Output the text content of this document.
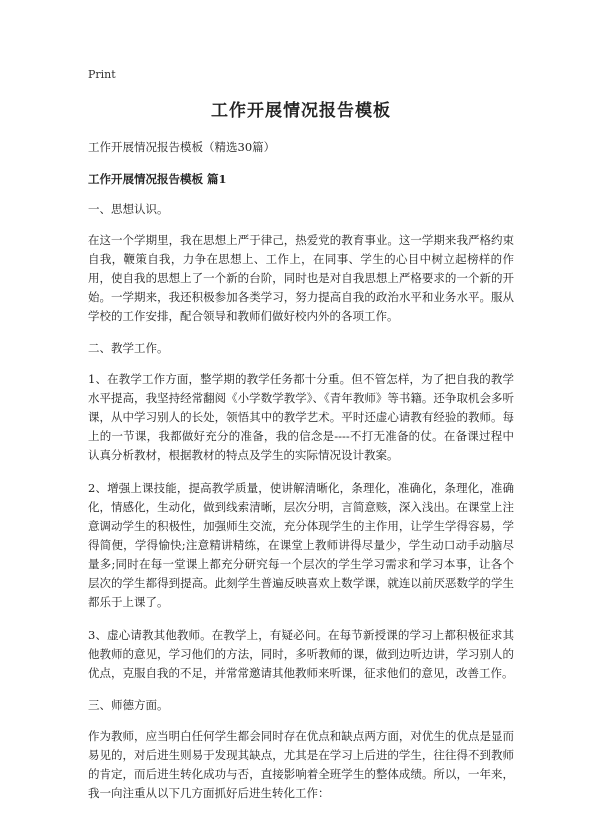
Print
工作开展情况报告模板
工作开展情况报告模板（精选30篇）
工作开展情况报告模板 篇1
一、思想认识。
在这一个学期里，我在思想上严于律己，热爱党的教育事业。这一学期来我严格约束自我，鞭策自我，力争在思想上、工作上，在同事、学生的心目中树立起榜样的作用，使自我的思想上了一个新的台阶，同时也是对自我思想上严格要求的一个新的开始。一学期来，我还积极参加各类学习，努力提高自我的政治水平和业务水平。服从学校的工作安排，配合领导和教师们做好校内外的各项工作。
二、教学工作。
1、在教学工作方面，整学期的教学任务都十分重。但不管怎样，为了把自我的教学水平提高，我坚持经常翻阅《小学数学教学》、《青年教师》等书籍。还争取机会多听课，从中学习别人的长处，领悟其中的教学艺术。平时还虚心请教有经验的教师。每上的一节课，我都做好充分的准备，我的信念是----不打无准备的仗。在备课过程中认真分析教材，根据教材的特点及学生的实际情况设计教案。
2、增强上课技能，提高教学质量，使讲解清晰化，条理化，准确化，条理化，准确化，情感化，生动化，做到线索清晰，层次分明，言简意赅，深入浅出。在课堂上注意调动学生的积极性，加强师生交流，充分体现学生的主作用，让学生学得容易，学得简便，学得愉快;注意精讲精练，在课堂上教师讲得尽量少，学生动口动手动脑尽量多;同时在每一堂课上都充分研究每一个层次的学生学习需求和学习本事，让各个层次的学生都得到提高。此刻学生普遍反映喜欢上数学课，就连以前厌恶数学的学生都乐于上课了。
3、虚心请教其他教师。在教学上，有疑必问。在每节新授课的学习上都积极征求其他教师的意见，学习他们的方法，同时，多听教师的课，做到边听边讲，学习别人的优点，克服自我的不足，并常常邀请其他教师来听课，征求他们的意见，改善工作。
三、师德方面。
作为教师，应当明白任何学生都会同时存在优点和缺点两方面，对优生的优点是显而易见的，对后进生则易于发现其缺点，尤其是在学习上后进的学生，往往得不到教师的肯定，而后进生转化成功与否，直接影响着全班学生的整体成绩。所以，一年来，我一向注重从以下几方面抓好后进生转化工作：
